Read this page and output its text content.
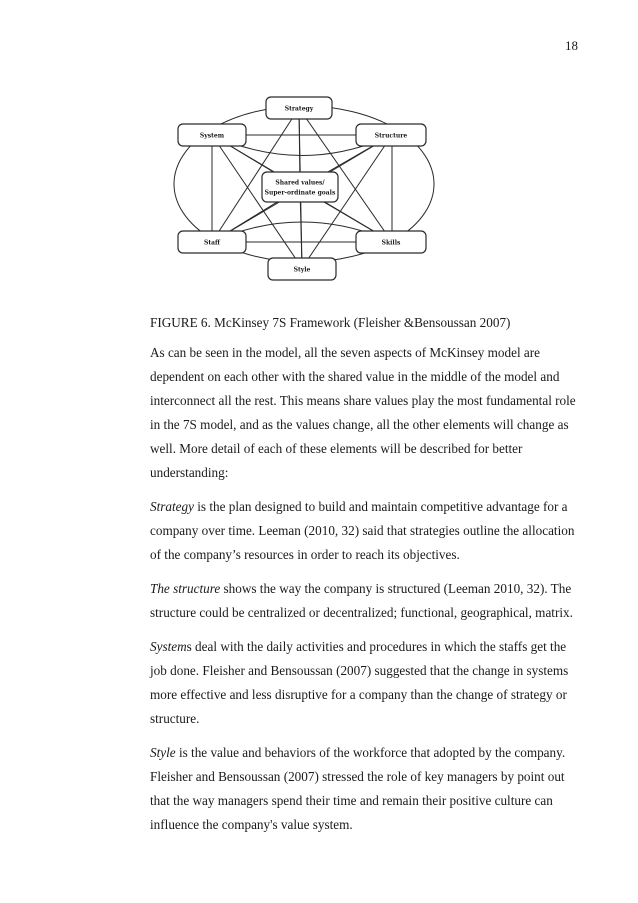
18
Strategy
System	Structure
Shared values/
Super-ordinate goals
Staff	Skills
Style

FIGURE 6. McKinsey 7S Framework (Fleisher &Bensoussan 2007)

As can be seen in the model, all the seven aspects of McKinsey model are dependent on each other with the shared value in the middle of the model and interconnect all the rest. This means share values play the most fundamental role in the 7S model, and as the values change, all the other elements will change as well. More detail of each of these elements will be described for better understanding:

Strategy is the plan designed to build and maintain competitive advantage for a company over time. Leeman (2010, 32) said that strategies outline the allocation of the company’s resources in order to reach its objectives.

The structure shows the way the company is structured (Leeman 2010, 32). The structure could be centralized or decentralized; functional, geographical, matrix.

Systems deal with the daily activities and procedures in which the staffs get the job done. Fleisher and Bensoussan (2007) suggested that the change in systems more effective and less disruptive for a company than the change of strategy or structure.

Style is the value and behaviors of the workforce that adopted by the company. Fleisher and Bensoussan (2007) stressed the role of key managers by point out that the way managers spend their time and remain their positive culture can influence the company's value system.
